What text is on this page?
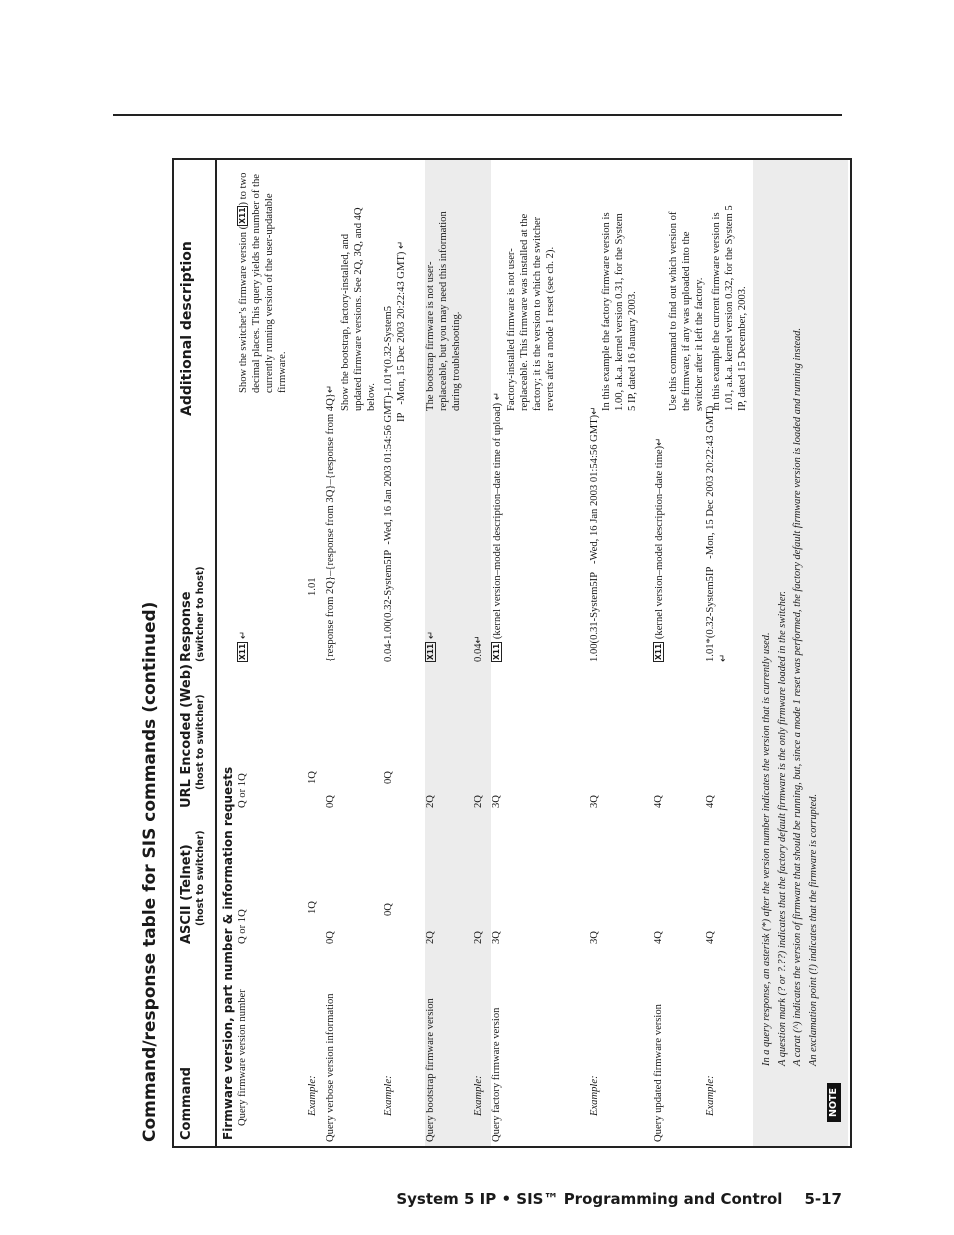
Command/response table for SIS commands (continued)	Command
ASCII (Telnet) (host to switcher)
URL Encoded (Web) (host to switcher)
Response (switcher to host)
Additional description
Firmware version, part number & information requests Query firmware version number
Q or 1Q
Q or 1Q
X11 ↵
Show the switcher’s firmware version (X11) to two decimal places. This query yields the number of the currently running version of the user-updatable firmware.
Example:
1Q
1Q
1.01
Query verbose version information
0Q
0Q
{response from 2Q}–{response from 3Q}–{response from 4Q}↵ Show the bootstrap, factory-installed, and updated firmware versions. See 2Q, 3Q, and 4Q below.
Example:
0Q
0Q
0.04-1.00(0.32-System5IP  -Wed, 16 Jan 2003 01:54:56 GMT)-1.01*(0.32-System5 IP   -Mon, 15 Dec 2003 20:22:43 GMT) ↵
Query bootstrap firmware version
2Q
2Q
X11 ↵
The bootstrap firmware is not user-replaceable, but you may need this information during troubleshooting.
Example:
2Q
2Q
0.04↵
Query factory firmware version
3Q
3Q
X11 (kernel version–model description–date time of upload) ↵ Factory-installed firmware is not user-replaceable. This firmware was installed at the factory; it is the version to which the switcher reverts after a mode 1 reset (see ch. 2).
Example:
3Q
3Q
1.00(0.31-System5IP   -Wed, 16 Jan 2003 01:54:56 GMT)↵ In this example the factory firmware version is 1.00, a.k.a. kernel version 0.31, for the System 5 IP, dated 16 January 2003.
Query updated firmware version
4Q
4Q
X11 (kernel version–model description–date time)↵
Use this command to find out which version of the firmware, if any was uploaded into the switcher after it left the factory.
Example:
4Q
4Q
1.01*(0.32-System5IP   -Mon, 15 Dec 2003 20:22:43 GMT) ↵
In this example the current firmware version is 1.01, a.k.a. kernel version 0.32, for the System 5 IP, dated 15 December, 2003.
NOTE
In a query response, an asterisk (*) after the version number indicates the version that is currently used. A question mark (? or ?.??) indicates that the factory default firmware is the only firmware loaded in the switcher. A carat (^) indicates the version of firmware that should be running, but, since a mode 1 reset was performed, the factory default firmware version is loaded and running instead. An exclamation point (!) indicates that the firmware is corrupted.
System 5 IP • SIS™ Programming and Control 5-17
